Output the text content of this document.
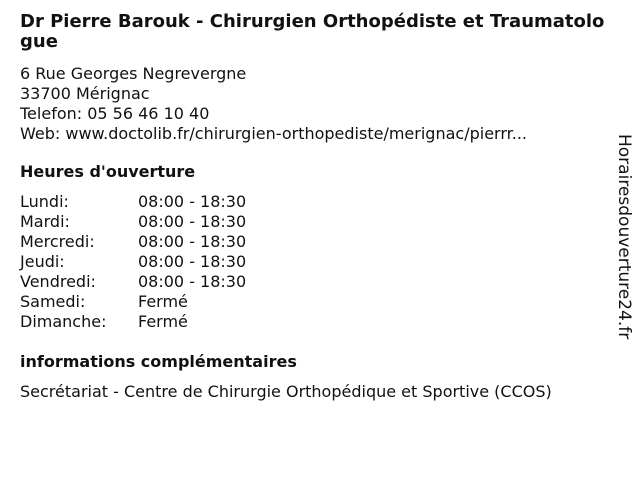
Dr Pierre Barouk - Chirurgien Orthopédiste et Traumatologue
6 Rue Georges Negrevergne
33700 Mérignac
Telefon: 05 56 46 10 40
Web: www.doctolib.fr/chirurgien-orthopediste/merignac/pierrr...
Heures d'ouverture
Lundi:	08:00 - 18:30
Mardi:	08:00 - 18:30
Mercredi:	08:00 - 18:30
Jeudi:	08:00 - 18:30
Vendredi:	08:00 - 18:30
Samedi:	Fermé
Dimanche:	Fermé
informations complémentaires
Secrétariat - Centre de Chirurgie Orthopédique et Sportive (CCOS)
Horairesdouverture24.fr
